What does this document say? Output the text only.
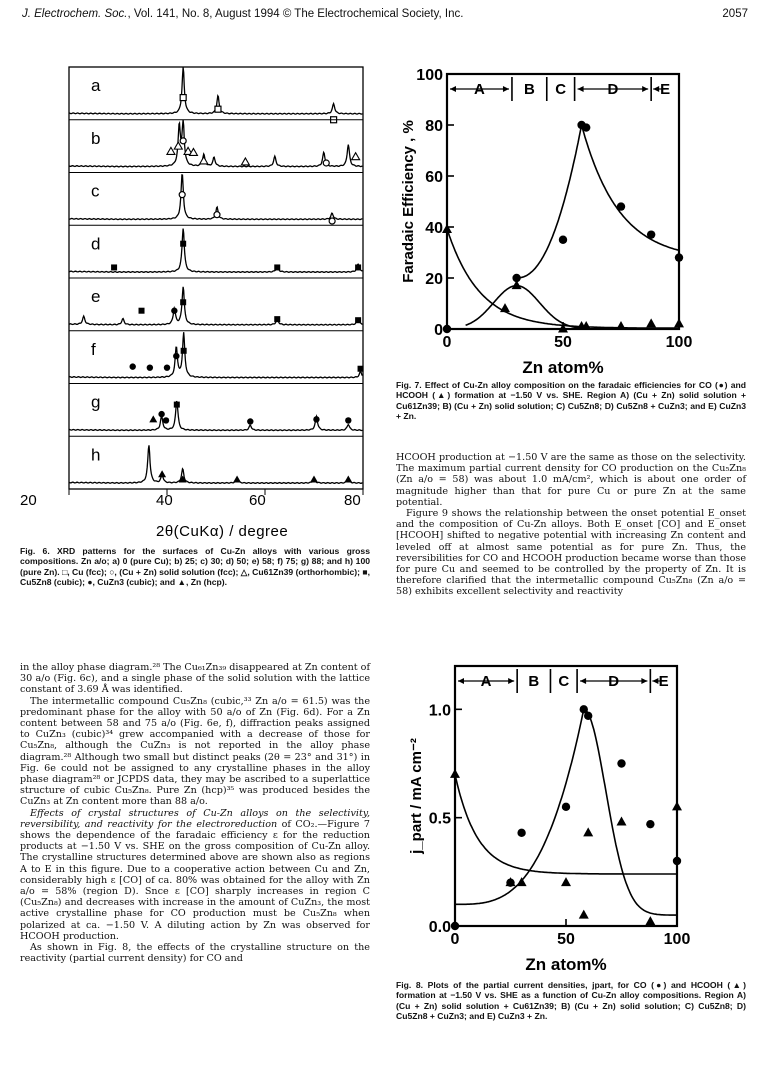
J. Electrochem. Soc., Vol. 141, No. 8, August 1994 © The Electrochemical Society, Inc.	2057
a
b
c
d
e
f
g
h
20	40	60	80
2θ(CuKα) / degree
Fig. 6. XRD patterns for the surfaces of Cu-Zn alloys with various gross compositions. Zn a/o; a) 0 (pure Cu); b) 25; c) 30; d) 50; e) 58; f) 75; g) 88; and h) 100 (pure Zn). □, Cu (fcc); ○, (Cu + Zn) solid solution (fcc); △, Cu61Zn39 (orthorhombic); ■, Cu5Zn8 (cubic); ●, CuZn3 (cubic); and ▲, Zn (hcp).

in the alloy phase diagram.²⁸ The Cu₆₁Zn₃₉ disappeared at Zn content of 30 a/o (Fig. 6c), and a single phase of the solid solution with the lattice constant of 3.69 Å was identified.

The intermetallic compound Cu₅Zn₈ (cubic,³³ Zn a/o = 61.5) was the predominant phase for the alloy with 50 a/o of Zn (Fig. 6d). For a Zn content between 58 and 75 a/o (Fig. 6e, f), diffraction peaks assigned to CuZn₃ (cubic)³⁴ grew accompanied with a decrease of those for Cu₅Zn₈, although the CuZn₃ is not reported in the alloy phase diagram.²⁸ Although two small but distinct peaks (2θ = 23° and 31°) in Fig. 6e could not be assigned to any crystalline phases in the alloy phase diagram²⁸ or JCPDS data, they may be ascribed to a superlattice structure of cubic Cu₅Zn₈. Pure Zn (hcp)³⁵ was produced besides the CuZn₃ at Zn content more than 88 a/o.

Effects of crystal structures of Cu-Zn alloys on the selectivity, reversibility, and reactivity for the electroreduction of CO₂.—Figure 7 shows the dependence of the faradaic efficiency ε for the reduction products at −1.50 V vs. SHE on the gross composition of Cu-Zn alloy. The crystalline structures determined above are shown also as regions A to E in this figure. Due to a cooperative action between Cu and Zn, considerably high ε [CO] of ca. 80% was obtained for the alloy with Zn a/o = 58% (region D). Snce ε [CO] sharply increases in region C (Cu₅Zn₈) and decreases with increase in the amount of CuZn₃, the most active crystalline phase for CO production must be Cu₅Zn₈ when polarized at ca. −1.50 V. A diluting action by Zn was observed for HCOOH production.

As shown in Fig. 8, the effects of the crystalline structure on the reactivity (partial current density) for CO and

A	B C	D	E
0
20
40
60
80
100
0	50	100
Zn atom%
Faradaic Efficiency , %
Fig. 7. Effect of Cu-Zn alloy composition on the faradaic efficiencies for CO (●) and HCOOH (▲) formation at −1.50 V vs. SHE. Region A) (Cu + Zn) solid solution + Cu61Zn39; B) (Cu + Zn) solid solution; C) Cu5Zn8; D) Cu5Zn8 + CuZn3; and E) CuZn3 + Zn.

HCOOH production at −1.50 V are the same as those on the selectivity. The maximum partial current density for CO production on the Cu₅Zn₈ (Zn a/o = 58) was about 1.0 mA/cm², which is about one order of magnitude higher than that for pure Cu or pure Zn at the same potential.

Figure 9 shows the relationship between the onset potential E_onset and the composition of Cu-Zn alloys. Both E_onset [CO] and E_onset [HCOOH] shifted to negative potential with increasing Zn content and leveled off at almost same potential as for pure Zn. Thus, the reversibilities for CO and HCOOH production became worse than those for pure Cu and seemed to be controlled by the property of Zn. It is therefore clarified that the intermetallic compound Cu₅Zn₈ (Zn a/o = 58) exhibits excellent selectivity and reactivity

A B C	D	E
0.0
0.5
1.0
0	50	100
Zn atom%
j_part / mA cm⁻²
Fig. 8. Plots of the partial current densities, jpart, for CO (●) and HCOOH (▲) formation at −1.50 V vs. SHE as a function of Cu-Zn alloy compositions. Region A) (Cu + Zn) solid solution + Cu61Zn39; B) (Cu + Zn) solid solution; C) Cu5Zn8; D) Cu5Zn8 + CuZn3; and E) CuZn3 + Zn.
